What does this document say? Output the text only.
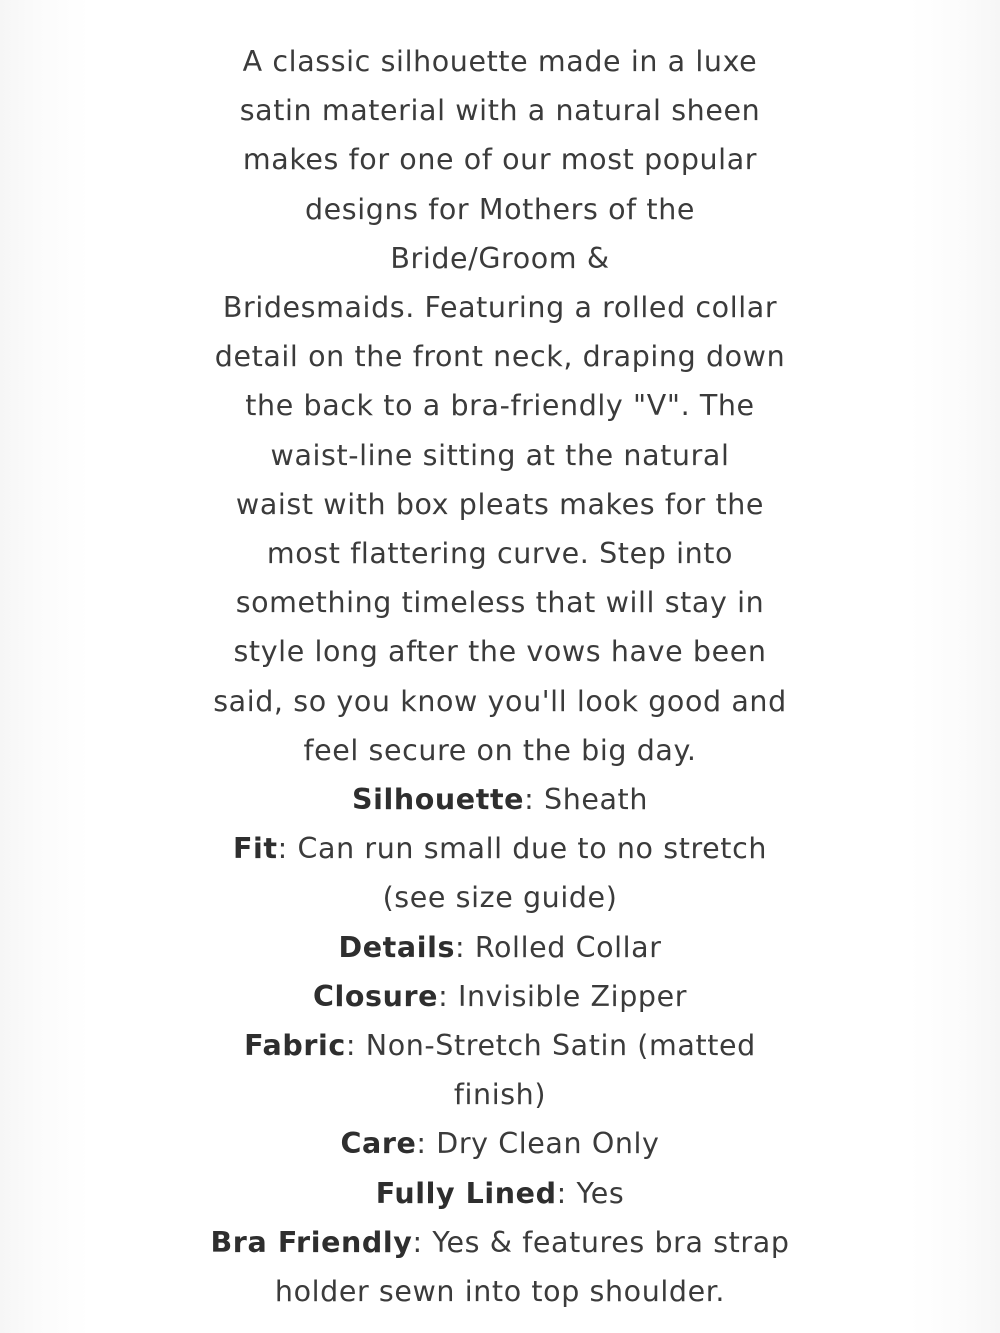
A classic silhouette made in a luxe
satin material with a natural sheen
makes for one of our most popular
designs for Mothers of the
Bride/Groom &
Bridesmaids. Featuring a rolled collar
detail on the front neck, draping down
the back to a bra-friendly "V". The
waist-line sitting at the natural
waist with box pleats makes for the
most flattering curve. Step into
something timeless that will stay in
style long after the vows have been
said, so you know you'll look good and
feel secure on the big day.

Silhouette: Sheath

Fit: Can run small due to no stretch
(see size guide)

Details: Rolled Collar

Closure: Invisible Zipper

Fabric: Non-Stretch Satin (matted
finish)

Care: Dry Clean Only

Fully Lined: Yes

Bra Friendly: Yes & features bra strap
holder sewn into top shoulder.
